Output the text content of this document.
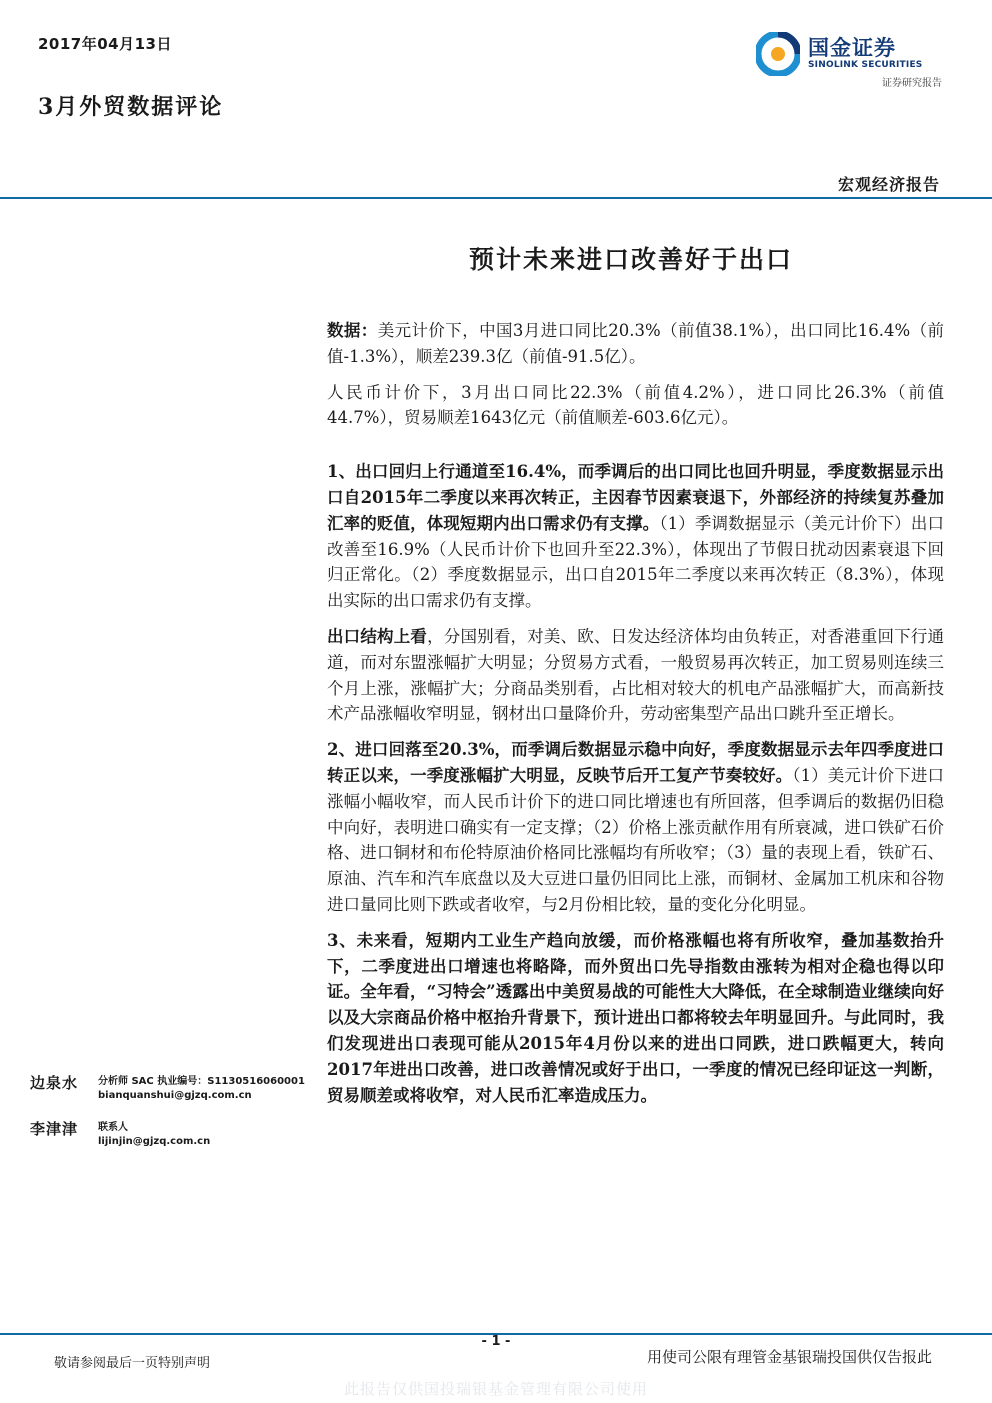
2017年04月13日
3月外贸数据评论
国金证券
SINOLINK SECURITIES
证券研究报告
宏观经济报告
预计未来进口改善好于出口

数据：美元计价下，中国3月进口同比20.3%（前值38.1%），出口同比16.4%（前值-1.3%），顺差239.3亿（前值-91.5亿）。

人民币计价下，3月出口同比22.3%（前值4.2%），进口同比26.3%（前值44.7%），贸易顺差1643亿元（前值顺差-603.6亿元）。

1、出口回归上行通道至16.4%，而季调后的出口同比也回升明显，季度数据显示出口自2015年二季度以来再次转正，主因春节因素衰退下，外部经济的持续复苏叠加汇率的贬值，体现短期内出口需求仍有支撑。（1）季调数据显示（美元计价下）出口改善至16.9%（人民币计价下也回升至22.3%），体现出了节假日扰动因素衰退下回归正常化。（2）季度数据显示，出口自2015年二季度以来再次转正（8.3%），体现出实际的出口需求仍有支撑。

出口结构上看，分国别看，对美、欧、日发达经济体均由负转正，对香港重回下行通道，而对东盟涨幅扩大明显；分贸易方式看，一般贸易再次转正，加工贸易则连续三个月上涨，涨幅扩大；分商品类别看，占比相对较大的机电产品涨幅扩大，而高新技术产品涨幅收窄明显，钢材出口量降价升，劳动密集型产品出口跳升至正增长。

2、进口回落至20.3%，而季调后数据显示稳中向好，季度数据显示去年四季度进口转正以来，一季度涨幅扩大明显，反映节后开工复产节奏较好。（1）美元计价下进口涨幅小幅收窄，而人民币计价下的进口同比增速也有所回落，但季调后的数据仍旧稳中向好，表明进口确实有一定支撑；（2）价格上涨贡献作用有所衰减，进口铁矿石价格、进口铜材和布伦特原油价格同比涨幅均有所收窄；（3）量的表现上看，铁矿石、原油、汽车和汽车底盘以及大豆进口量仍旧同比上涨，而铜材、金属加工机床和谷物进口量同比则下跌或者收窄，与2月份相比较，量的变化分化明显。

3、未来看，短期内工业生产趋向放缓，而价格涨幅也将有所收窄，叠加基数抬升下，二季度进出口增速也将略降，而外贸出口先导指数由涨转为相对企稳也得以印证。全年看，“习特会”透露出中美贸易战的可能性大大降低，在全球制造业继续向好以及大宗商品价格中枢抬升背景下，预计进出口都将较去年明显回升。与此同时，我们发现进出口表现可能从2015年4月份以来的进出口同跌，进口跌幅更大，转向2017年进出口改善，进口改善情况或好于出口，一季度的情况已经印证这一判断，贸易顺差或将收窄，对人民币汇率造成压力。

边泉水 分析师 SAC 执业编号：S1130516060001
bianquanshui@gjzq.com.cn
李津津 联系人
lijinjin@gjzq.com.cn
- 1 -
敬请参阅最后一页特别声明	用使司公限有理管金基银瑞投国供仅告报此
此报告仅供国投瑞银基金管理有限公司使用
